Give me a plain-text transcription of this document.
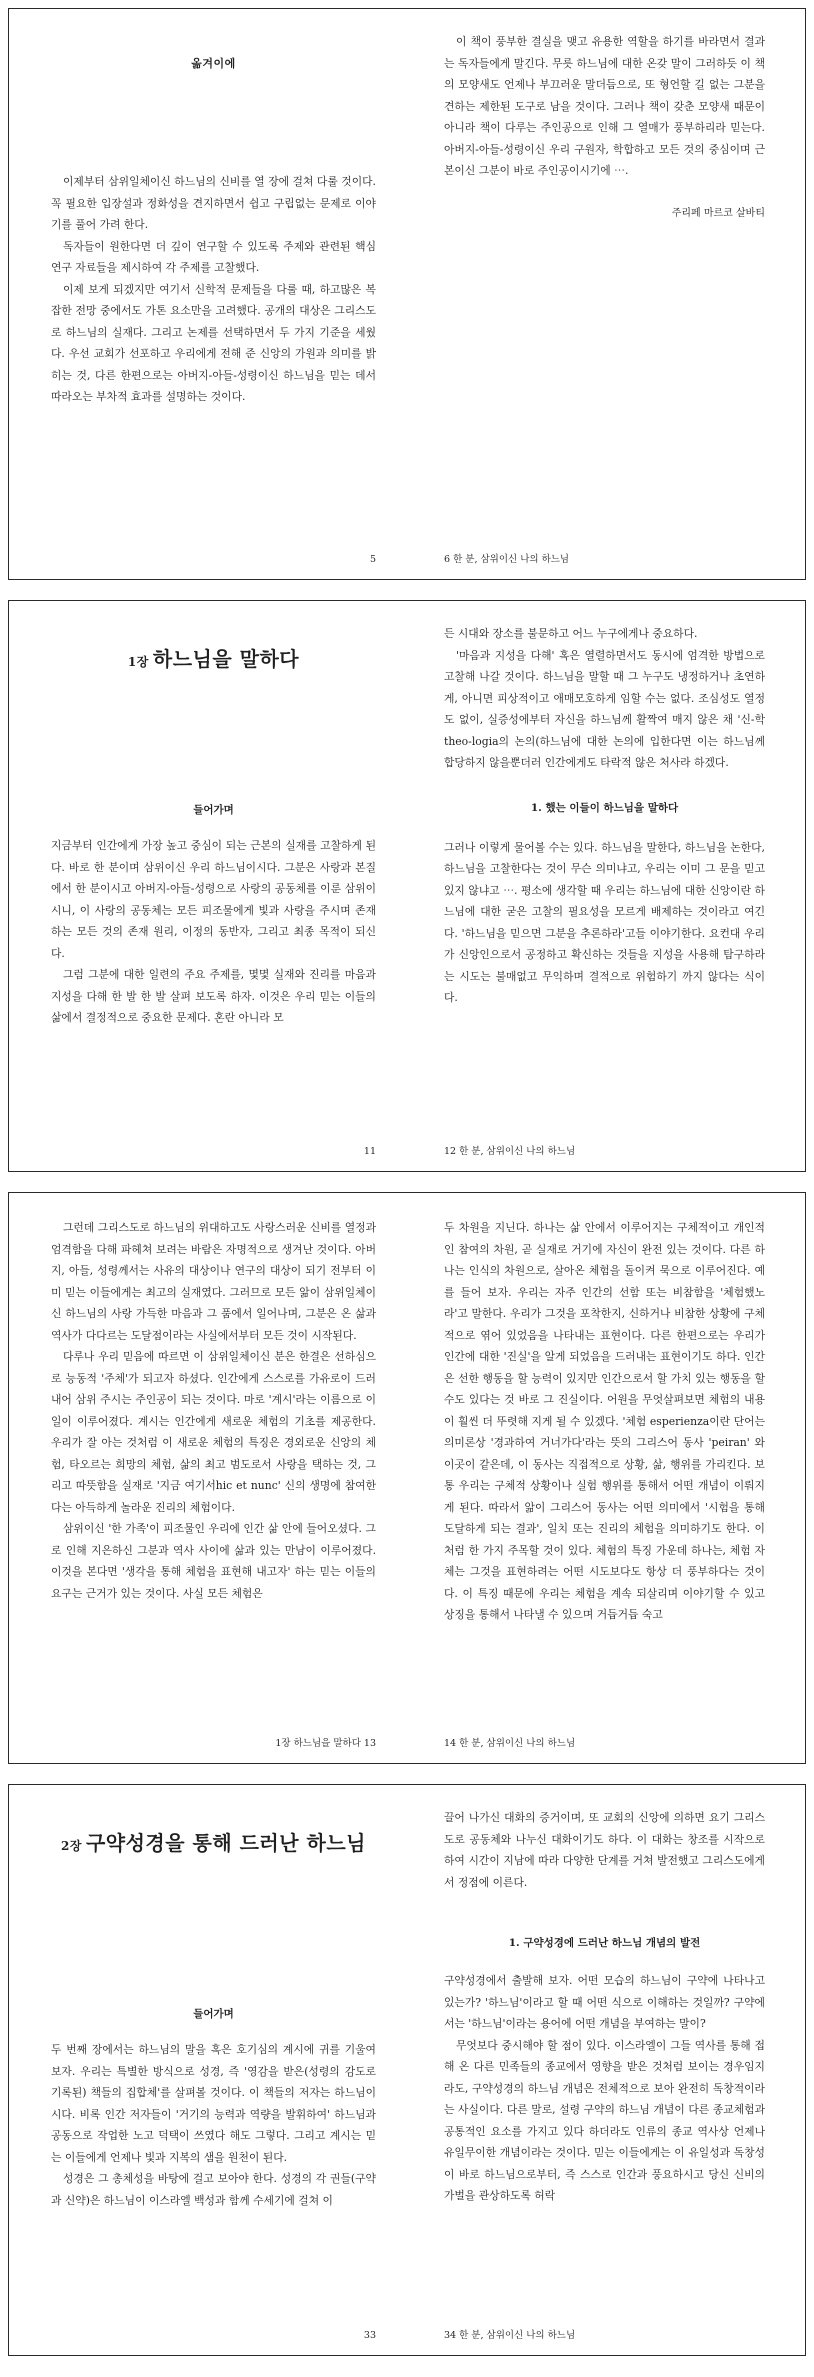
옮겨이에

이제부터 삼위일체이신 하느님의 신비를 열 장에 걸쳐 다룰 것이다. 꼭 필요한 입장설과 정화성을 견지하면서 쉽고 구립없는 문제로 이야기를 풀어 가려 한다.

독자들이 원한다면 더 깊이 연구할 수 있도록 주제와 관련된 핵심 연구 자료들을 제시하여 각 주제를 고찰했다.

이제 보게 되겠지만 여기서 신학적 문제들을 다룰 때, 하고많은 복잡한 전망 중에서도 가톤 요소만을 고려했다. 공개의 대상은 그리스도로 하느님의 실재다. 그리고 논제를 선택하면서 두 가지 기준을 세웠다. 우선 교회가 선포하고 우리에게 전해 준 신앙의 가원과 의미를 밝히는 것, 다른 한편으로는 아버지-아들-성령이신 하느님을 믿는 데서 따라오는 부차적 효과를 설명하는 것이다.

5

이 책이 풍부한 결실을 맺고 유용한 역할을 하기를 바라면서 결과는 독자들에게 말긴다. 무릇 하느님에 대한 온갖 말이 그러하듯 이 책의 모양새도 언제나 부끄러운 말더듬으로, 또 형언할 길 없는 그분을 견하는 제한된 도구로 남을 것이다. 그러나 책이 갖춘 모양새 때문이 아니라 책이 다루는 주인공으로 인해 그 열매가 풍부하리라 믿는다. 아버지-아들-성령이신 우리 구원자, 학합하고 모든 것의 중심이며 근본이신 그분이 바로 주인공이시기에 ⋯.

주리페 마르코 살바티
6 한 분, 삼위이신 나의 하느님
1장 하느님을 말하다
들어가며

지금부터 인간에게 가장 높고 중심이 되는 근본의 실재를 고찰하게 된다. 바로 한 분이며 삼위이신 우리 하느님이시다. 그분은 사랑과 본질에서 한 분이시고 아버지-아들-성령으로 사랑의 공동체를 이룬 삼위이시니, 이 사랑의 공동체는 모든 피조물에게 빛과 사랑을 주시며 존재하는 모든 것의 존재 원리, 이정의 동반자, 그리고 최종 목적이 되신다.

그럼 그분에 대한 일련의 주요 주제를, 몇몇 실재와 진리를 마음과 지성을 다해 한 발 한 발 살펴 보도록 하자. 이것은 우리 믿는 이들의 삶에서 결정적으로 중요한 문제다. 혼란 아니라 모

11

든 시대와 장소를 불문하고 어느 누구에게나 중요하다.

'마음과 지성을 다해' 혹은 열렬하면서도 동시에 엄격한 방법으로 고찰해 나갈 것이다. 하느님을 말할 때 그 누구도 냉정하거나 초연하게, 아니면 피상적이고 애매모호하게 임할 수는 없다. 조심성도 열정도 없이, 실증성에부터 자신을 하느님께 활짝여 매지 않은 채 '신-학theo-logia의 논의(하느님에 대한 논의에 입한다면 이는 하느님께 합당하지 않을뿐더러 인간에게도 타락적 않은 처사라 하겠다.

1. 했는 이들이 하느님을 말하다

그러나 이렇게 물어볼 수는 있다. 하느님을 말한다, 하느님을 논한다, 하느님을 고찰한다는 것이 무슨 의미냐고, 우리는 이미 그 문을 믿고 있지 않냐고 ⋯. 평소에 생각할 때 우리는 하느님에 대한 신앙이란 하느님에 대한 굳은 고찰의 필요성을 모르게 배제하는 것이라고 여긴다. '하느님을 믿으면 그분을 추론하라'고들 이야기한다. 요컨대 우리가 신앙인으로서 공정하고 확신하는 것들을 지성을 사용해 탐구하라는 시도는 불매없고 무익하며 결적으로 위험하기 까지 않다는 식이다.

12 한 분, 삼위이신 나의 하느님

그런데 그리스도로 하느님의 위대하고도 사랑스러운 신비를 열정과 엄격함을 다해 파헤쳐 보려는 바람은 자명적으로 생겨난 것이다. 아버지, 아들, 성령께서는 사유의 대상이나 연구의 대상이 되기 전부터 이미 믿는 이들에게는 최고의 실재였다. 그러므로 모든 앎이 삼위일체이신 하느님의 사랑 가득한 마음과 그 품에서 일어나며, 그분은 온 삶과 역사가 다다르는 도달점이라는 사실에서부터 모든 것이 시작된다.

다루나 우리 믿음에 따르면 이 삼위일체이신 분은 한결은 선하심으로 능동적 '주체'가 되고자 하셨다. 인간에게 스스로를 가유로이 드러내어 삼위 주시는 주인공이 되는 것이다. 마로 '계시'라는 이름으로 이 일이 이루어졌다. 계시는 인간에게 새로운 체험의 기초를 제공한다. 우리가 잘 아는 것처럼 이 새로운 체험의 특징은 경외로운 신앙의 체험, 타오르는 희망의 체험, 삶의 최고 범도로서 사랑을 택하는 것, 그리고 따뜻함을 실재로 '지금 여기서hic et nunc' 신의 생명에 참여한다는 아득하게 놀라운 진리의 체험이다.

삼위이신 '한 가족'이 피조물인 우리에 인간 삶 안에 들어오셨다. 그로 인해 지은하신 그분과 역사 사이에 삶과 있는 만남이 이루어졌다. 이것을 본다면 '생각을 통해 체험을 표현해 내고자' 하는 믿는 이들의 요구는 근거가 있는 것이다. 사실 모든 체험은

1장 하느님을 말하다 13

두 차원을 지닌다. 하나는 삶 안에서 이루어지는 구체적이고 개인적인 참여의 차원, 곧 실재로 거기에 자신이 완전 있는 것이다. 다른 하나는 인식의 차원으로, 살아온 체험을 돌이켜 묵으로 이루어진다. 예를 들어 보자. 우리는 자주 인간의 선함 또는 비참함을 '체험했노라'고 말한다. 우리가 그것을 포착한지, 신하거나 비참한 상황에 구체적으로 엮어 있었음을 나타내는 표현이다. 다른 한편으로는 우리가 인간에 대한 '진실'을 알게 되었음을 드러내는 표현이기도 하다. 인간은 선한 행동을 할 능력이 있지만 인간으로서 할 가치 있는 행동을 할 수도 있다는 것 바로 그 진실이다. 어원을 무엇살펴보면 체험의 내용이 훨씬 더 뚜렷해 지게 될 수 있겠다. '체험 esperienza이란 단어는 의미론상 '경과하여 거너가다'라는 뜻의 그리스어 동사 'peiran' 와 이곳이 같은데, 이 동사는 직접적으로 상황, 삶, 행위를 가리킨다. 보통 우리는 구체적 상황이나 실험 행위를 통해서 어떤 개념이 이뤄지게 된다. 따라서 앎이 그리스어 동사는 어떤 의미에서 '시험을 통해 도달하게 되는 결과', 일치 또는 진리의 체험을 의미하기도 한다. 이처럼 한 가지 주목할 것이 있다. 체험의 특징 가운데 하나는, 체험 자체는 그것을 표현하려는 어떤 시도보다도 항상 더 풍부하다는 것이다. 이 특징 때문에 우리는 체험을 계속 되살리며 이야기할 수 있고 상징을 통해서 나타낼 수 있으며 거듭거듭 숙고

14 한 분, 삼위이신 나의 하느님
2장 구약성경을 통해 드러난 하느님
들어가며

두 번째 장에서는 하느님의 말을 혹은 호기심의 계시에 귀를 기울여 보자. 우리는 특별한 방식으로 성경, 즉 '영감을 받은(성령의 감도로 기록된) 책들의 집합체'를 살펴볼 것이다. 이 책들의 저자는 하느님이시다. 비록 인간 저자들이 '거기의 능력과 역량을 발휘하여' 하느님과 공동으로 작업한 노고 덕택이 쓰였다 해도 그렇다. 그리고 계시는 믿는 이들에게 언제나 빛과 지복의 샘을 원천이 된다.

성경은 그 총체성을 바탕에 걸고 보아야 한다. 성경의 각 권들(구약과 신약)은 하느님이 이스라엘 백성과 함께 수세기에 걸쳐 이

33

끌어 나가신 대화의 증거이며, 또 교회의 신앙에 의하면 요기 그리스도로 공동체와 나누신 대화이기도 하다. 이 대화는 창조를 시작으로 하여 시간이 지남에 따라 다양한 단계를 거쳐 발전했고 그리스도에게서 정점에 이른다.

1. 구약성경에 드러난 하느님 개념의 발전

구약성경에서 출발해 보자. 어떤 모습의 하느님이 구약에 나타나고 있는가? '하느님'이라고 할 때 어떤 식으로 이해하는 것일까? 구약에서는 '하느님'이라는 용어에 어떤 개념을 부여하는 말이?

무엇보다 중시해야 할 점이 있다. 이스라엘이 그들 역사를 통해 접해 온 다른 민족들의 종교에서 영향을 받은 것처럼 보이는 경우임지라도, 구약성경의 하느님 개념은 전체적으로 보아 완전히 독창적이라는 사실이다. 다른 말로, 설령 구약의 하느님 개념이 다른 종교체험과 공통적인 요소를 가지고 있다 하더라도 인류의 종교 역사상 언제나 유일무이한 개념이라는 것이다. 믿는 이들에게는 이 유일성과 독창성이 바로 하느님으로부터, 즉 스스로 인간과 풍요하시고 당신 신비의 가벌을 관상하도록 허락

34 한 분, 삼위이신 나의 하느님
